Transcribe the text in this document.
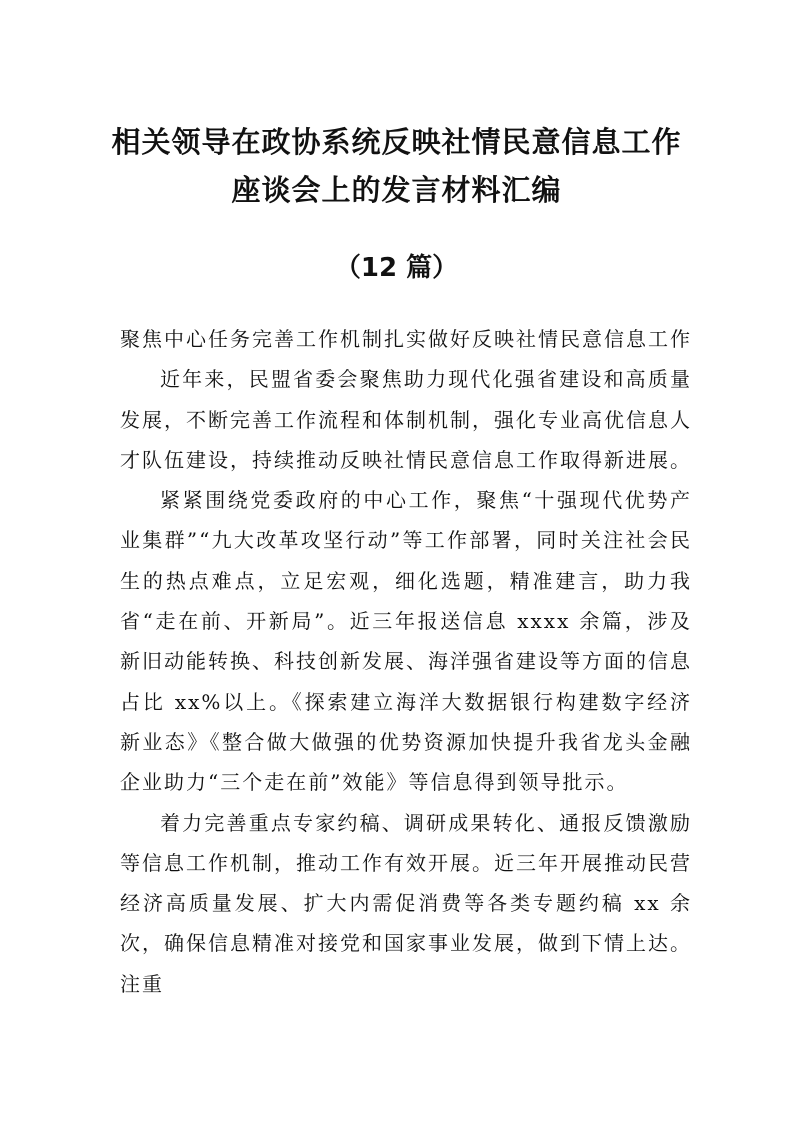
相关领导在政协系统反映社情民意信息工作座谈会上的发言材料汇编
（12 篇）

聚焦中心任务完善工作机制扎实做好反映社情民意信息工作

近年来，民盟省委会聚焦助力现代化强省建设和高质量发展，不断完善工作流程和体制机制，强化专业高优信息人才队伍建设，持续推动反映社情民意信息工作取得新进展。

紧紧围绕党委政府的中心工作，聚焦“十强现代优势产业集群”“九大改革攻坚行动”等工作部署，同时关注社会民生的热点难点，立足宏观，细化选题，精准建言，助力我省“走在前、开新局”。近三年报送信息 xxxx 余篇，涉及新旧动能转换、科技创新发展、海洋强省建设等方面的信息占比 xx%以上。《探索建立海洋大数据银行构建数字经济新业态》《整合做大做强的优势资源加快提升我省龙头金融企业助力“三个走在前”效能》等信息得到领导批示。

着力完善重点专家约稿、调研成果转化、通报反馈激励等信息工作机制，推动工作有效开展。近三年开展推动民营经济高质量发展、扩大内需促消费等各类专题约稿 xx 余次，确保信息精准对接党和国家事业发展，做到下情上达。注重
